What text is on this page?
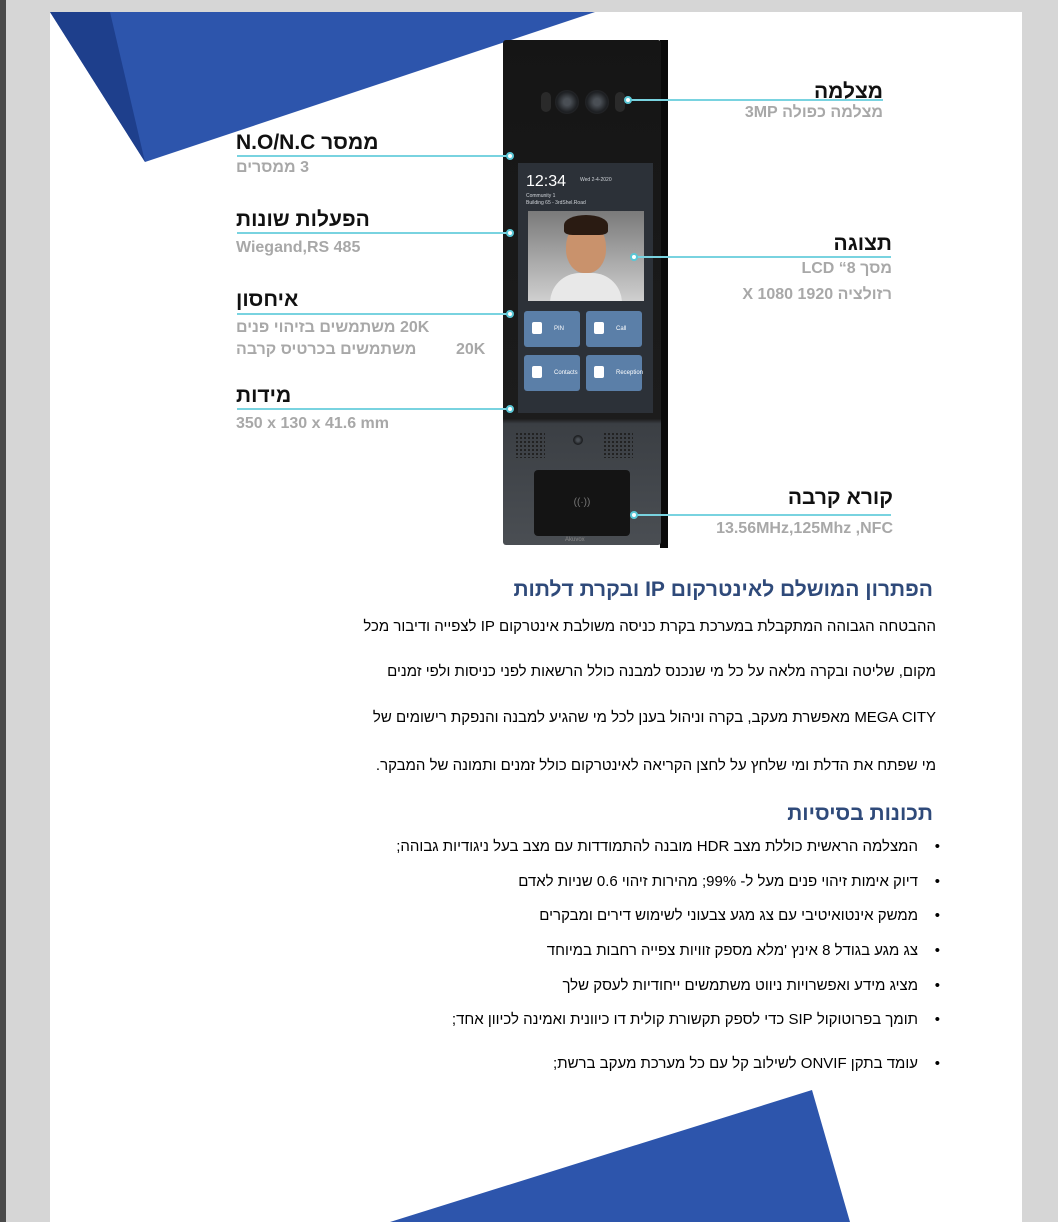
12:34	Wed 2-4-2020
Community 1
Building 65 - 3rdShel.Road
PIN	Call
Contacts	Reception
((·))
Akuvox
מצלמה
מצלמה כפולה 3MP
ממסר N.O/N.C
3 ממסרים
הפעלות שונות
Wiegand,RS 485	תצוגה
מסך 8“ LCD
רזולציה 1920 X 1080
איחסון
20K משתמשים בזיהוי פנים
משתמשים בכרטיס קרבה 20K
מידות
350 x 130 x 41.6 mm
קורא קרבה
13.56MHz,125Mhz ,NFC
הפתרון המושלם לאינטרקום IP ובקרת דלתות
ההבטחה הגבוהה המתקבלת במערכת בקרת כניסה משולבת אינטרקום IP לצפייה ודיבור מכל
מקום, שליטה ובקרה מלאה על כל מי שנכנס למבנה כולל הרשאות לפני כניסות ולפי זמנים
MEGA CITY מאפשרת מעקב, בקרה וניהול בענן לכל מי שהגיע למבנה והנפקת רישומים של
מי שפתח את הדלת ומי שלחץ על לחצן הקריאה לאינטרקום כולל זמנים ותמונה של המבקר.
תכונות בסיסיות
• המצלמה הראשית כוללת מצב HDR מובנה להתמודדות עם מצב בעל ניגודיות גבוהה;
• דיוק אימות זיהוי פנים מעל ל- 99%; מהירות זיהוי 0.6 שניות לאדם
• ממשק אינטואיטיבי עם צג מגע צבעוני לשימוש דירים ומבקרים
• צג מגע בגודל 8 אינץ 'מלא מספק זוויות צפייה רחבות במיוחד
• מציג מידע ואפשרויות ניווט משתמשים ייחודיות לעסק שלך
• תומך בפרוטוקול SIP כדי לספק תקשורת קולית דו כיוונית ואמינה לכיוון אחד;
• עומד בתקן ONVIF לשילוב קל עם כל מערכת מעקב ברשת;
